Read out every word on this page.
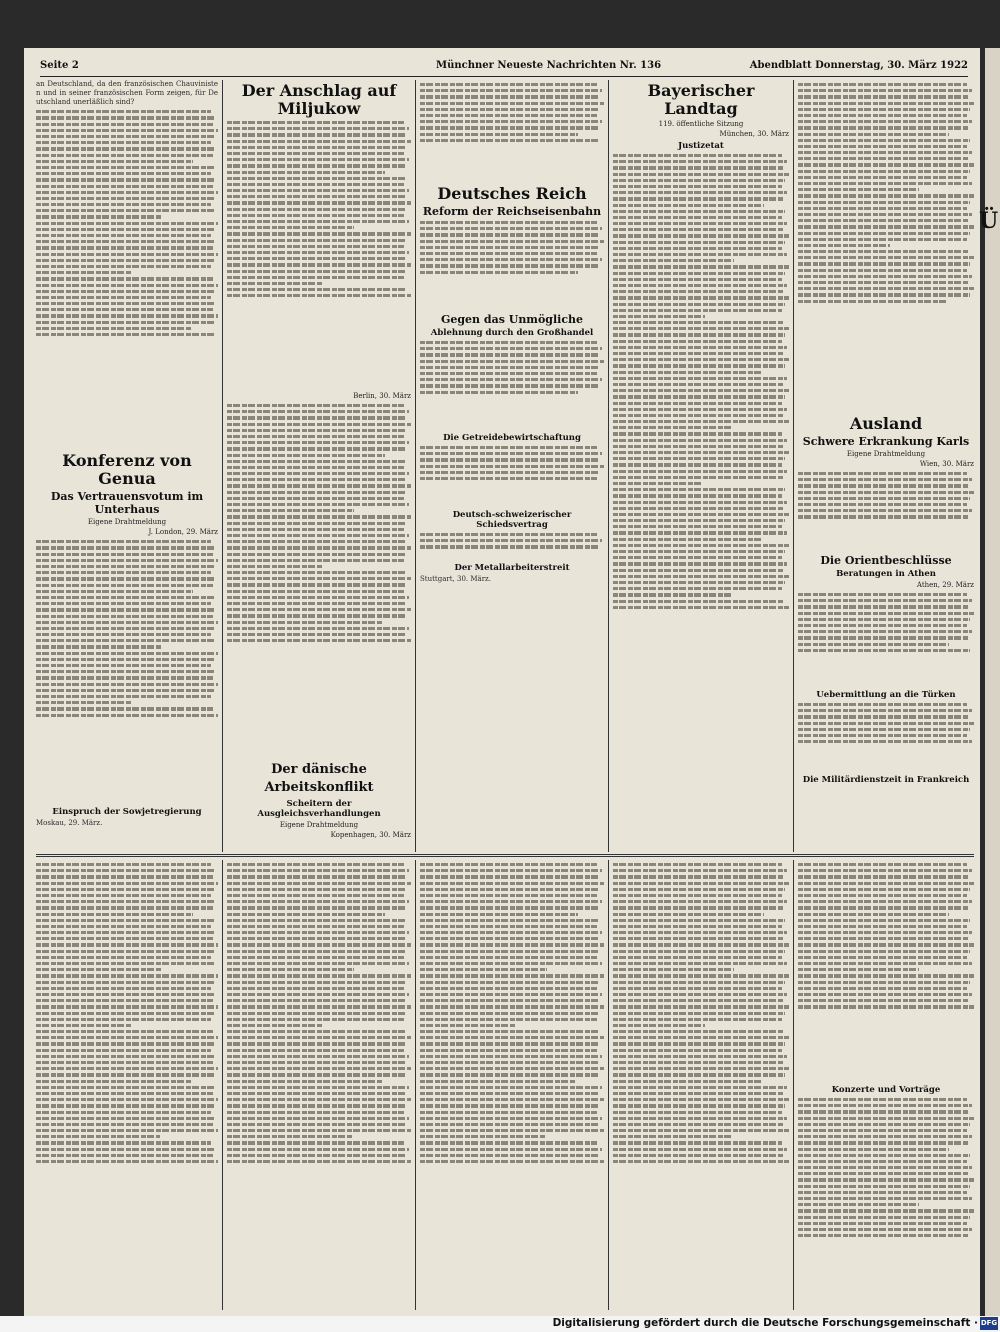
Seite 2	Münchner Neueste Nachrichten Nr. 136	Abendblatt Donnerstag, 30. März 1922
an Deutschland, da den französischen Chauvinisten und in seiner französischen Form zeigen, für Deutschland unerläßlich sind?
Konferenz von Genua
Das Vertrauensvotum im Unterhaus
Eigene Drahtmeldung
J. London, 29. März
Einspruch der Sowjetregierung
Moskau, 29. März.
Der Anschlag auf Miljukow
Berlin, 30. März
Der dänische Arbeitskonflikt
Scheitern der Ausgleichsverhandlungen
Eigene Drahtmeldung
Kopenhagen, 30. März
Deutsches Reich
Reform der Reichseisenbahn
Gegen das Unmögliche
Ablehnung durch den Großhandel
Die Getreidebewirtschaftung
Deutsch-schweizerischer Schiedsvertrag
Der Metallarbeiterstreit
Stuttgart, 30. März.
Bayerischer Landtag
119. öffentliche Sitzung
München, 30. März
Justizetat
Ausland
Schwere Erkrankung Karls
Eigene Drahtmeldung
Wien, 30. März
Die Orientbeschlüsse
Beratungen in Athen
Athen, 29. März
Uebermittlung an die Türken
Die Militärdienstzeit in Frankreich
Konzerte und Vorträge
Ü
Digitalisierung gefördert durch die Deutsche Forschungsgemeinschaft · DFG
